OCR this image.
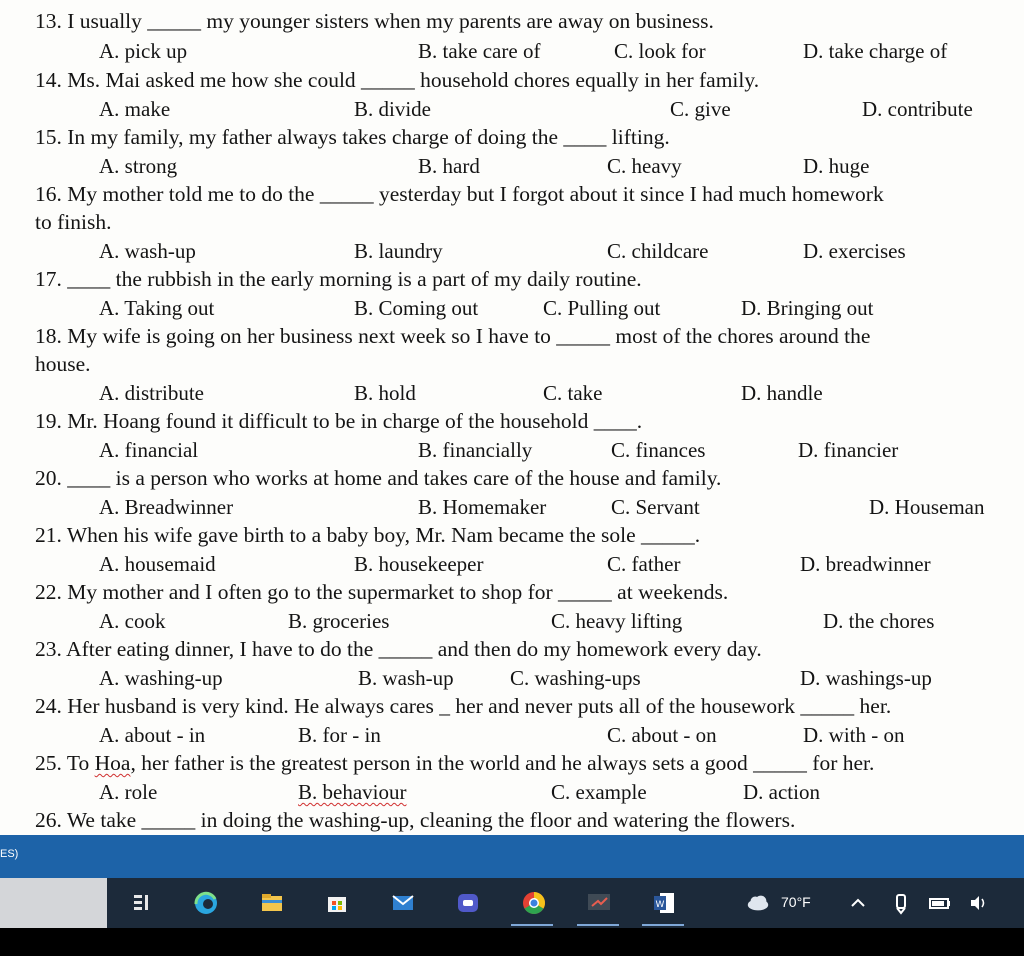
13. I usually _____ my younger sisters when my parents are away on business.
A. pick up	B. take care of	C. look for	D. take charge of
14. Ms. Mai asked me how she could _____ household chores equally in her family.
A. make	B. divide	C. give	D. contribute
15. In my family, my father always takes charge of doing the ____ lifting.
A. strong	B. hard	C. heavy	D. huge
16. My mother told me to do the _____ yesterday but I forgot about it since I had much homework
to finish.
A. wash-up	B. laundry	C. childcare	D. exercises
17. ____ the rubbish in the early morning is a part of my daily routine.
A. Taking out	B. Coming out	C. Pulling out	D. Bringing out
18. My wife is going on her business next week so I have to _____ most of the chores around the
house.
A. distribute	B. hold	C. take	D. handle
19. Mr. Hoang found it difficult to be in charge of the household ____.
A. financial	B. financially	C. finances	D. financier
20. ____ is a person who works at home and takes care of the house and family.
A. Breadwinner	B. Homemaker	C. Servant	D. Houseman
21. When his wife gave birth to a baby boy, Mr. Nam became the sole _____.
A. housemaid	B. housekeeper	C. father	D. breadwinner
22. My mother and I often go to the supermarket to shop for _____ at weekends.
A. cook	B. groceries	C. heavy lifting	D. the chores
23. After eating dinner, I have to do the _____ and then do my homework every day.
A. washing-up	B. wash-up	C. washing-ups	D. washings-up
24. Her husband is very kind. He always cares _ her and never puts all of the housework _____ her.
A. about - in	B. for - in	C. about - on	D. with - on
25. To Hoa, her father is the greatest person in the world and he always sets a good _____ for her.
A. role	B. behaviour	C. example	D. action
26. We take _____ in doing the washing-up, cleaning the floor and watering the flowers.
ES)
W	70°F
